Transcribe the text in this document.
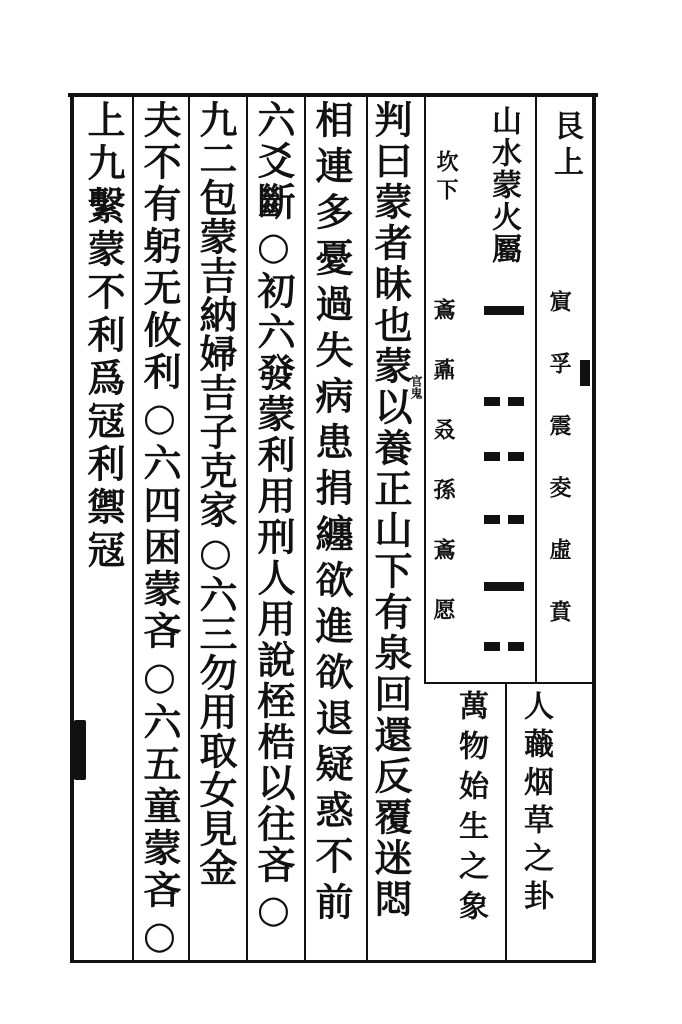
艮上
坎下 山水蒙火屬
賔孚震夌虛賁
鴍鼒叒孫鴍愿
官鬼
人蘵烟草之卦
萬物始生之象
判曰蒙者昧也蒙以養正山下有泉回還反覆迷悶
相連多憂過失病患捐纏欲進欲退疑惑不前
六爻斷○初六發蒙利用刑人用說桎梏以往吝○
九二包蒙吉納婦吉子克家○六三勿用取女見金
夫不有躬无攸利○六四困蒙吝○六五童蒙吝○
上九繫蒙不利爲冦利禦冦
